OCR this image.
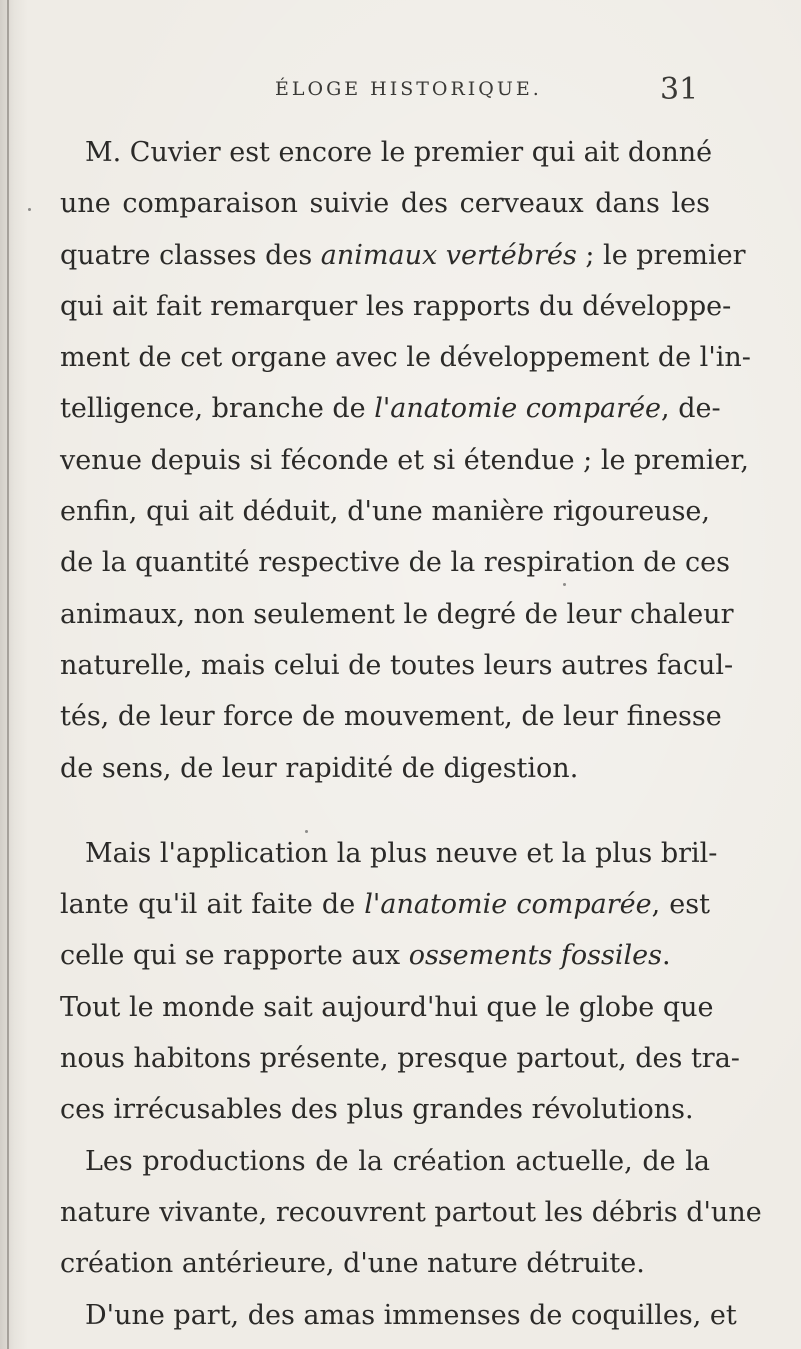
ÉLOGE HISTORIQUE.	31
M. Cuvier est encore le premier qui ait donné
une comparaison suivie des cerveaux dans les
quatre classes des animaux vertébrés ; le premier
qui ait fait remarquer les rapports du développe-
ment de cet organe avec le développement de l'in-
telligence, branche de l'anatomie comparée, de-
venue depuis si féconde et si étendue ; le premier,
enfin, qui ait déduit, d'une manière rigoureuse,
de la quantité respective de la respiration de ces
animaux, non seulement le degré de leur chaleur
naturelle, mais celui de toutes leurs autres facul-
tés, de leur force de mouvement, de leur finesse
de sens, de leur rapidité de digestion.
Mais l'application la plus neuve et la plus bril-
lante qu'il ait faite de l'anatomie comparée, est
celle qui se rapporte aux ossements fossiles.
Tout le monde sait aujourd'hui que le globe que
nous habitons présente, presque partout, des tra-
ces irrécusables des plus grandes révolutions.
Les productions de la création actuelle, de la
nature vivante, recouvrent partout les débris d'une
création antérieure, d'une nature détruite.
D'une part, des amas immenses de coquilles, et
